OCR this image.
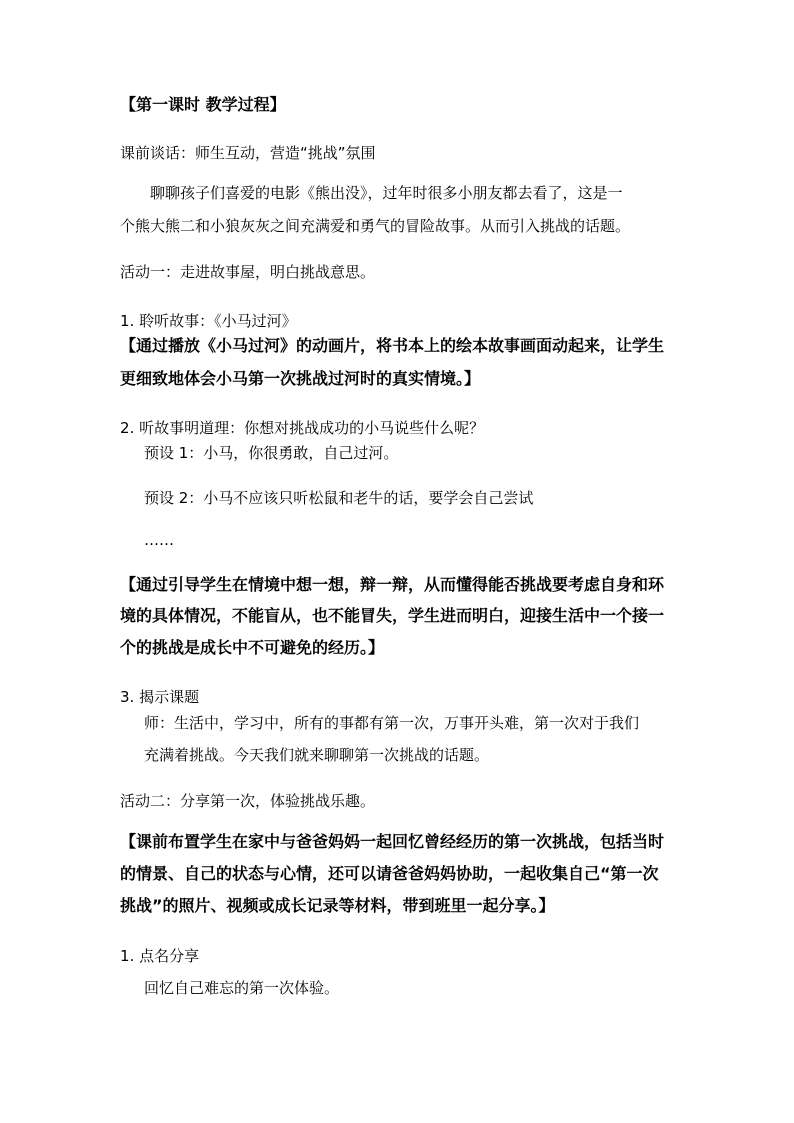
【第一课时 教学过程】
课前谈话：师生互动，营造“挑战”氛围
聊聊孩子们喜爱的电影《熊出没》，过年时很多小朋友都去看了，这是一
个熊大熊二和小狼灰灰之间充满爱和勇气的冒险故事。从而引入挑战的话题。
活动一：走进故事屋，明白挑战意思。
1. 聆听故事：《小马过河》
【通过播放《小马过河》的动画片，将书本上的绘本故事画面动起来，让学生
更细致地体会小马第一次挑战过河时的真实情境。】
2. 听故事明道理：你想对挑战成功的小马说些什么呢？
预设 1：小马，你很勇敢，自己过河。
预设 2：小马不应该只听松鼠和老牛的话，要学会自己尝试
……
【通过引导学生在情境中想一想，辩一辩，从而懂得能否挑战要考虑自身和环
境的具体情况，不能盲从，也不能冒失，学生进而明白，迎接生活中一个接一
个的挑战是成长中不可避免的经历。】
3. 揭示课题
师：生活中，学习中，所有的事都有第一次，万事开头难，第一次对于我们
充满着挑战。今天我们就来聊聊第一次挑战的话题。
活动二：分享第一次，体验挑战乐趣。
【课前布置学生在家中与爸爸妈妈一起回忆曾经经历的第一次挑战，包括当时
的情景、自己的状态与心情，还可以请爸爸妈妈协助，一起收集自己“第一次
挑战”的照片、视频或成长记录等材料，带到班里一起分享。】
1. 点名分享
回忆自己难忘的第一次体验。
